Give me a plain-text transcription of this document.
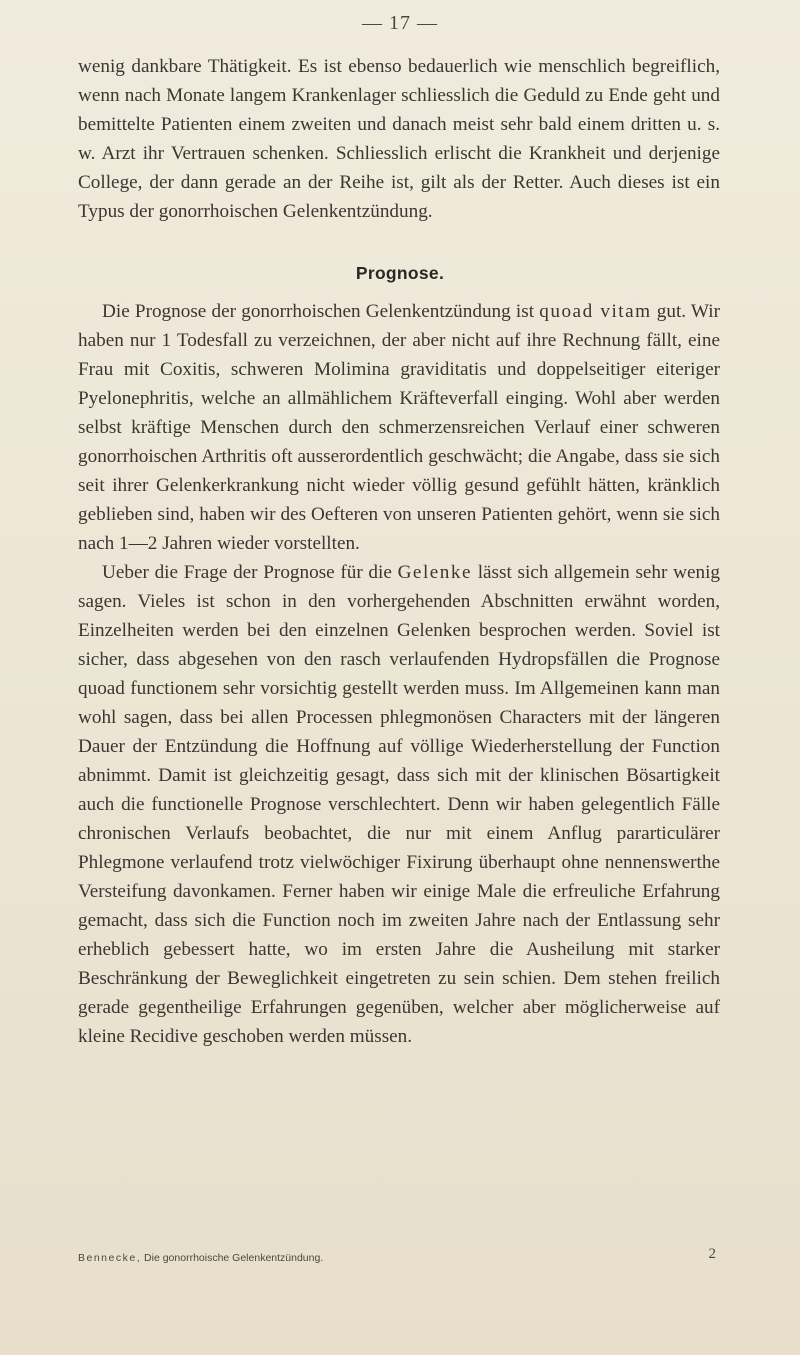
— 17 —

wenig dankbare Thätigkeit. Es ist ebenso bedauerlich wie menschlich begreiflich, wenn nach Monate langem Krankenlager schliesslich die Geduld zu Ende geht und bemittelte Patienten einem zweiten und danach meist sehr bald einem dritten u. s. w. Arzt ihr Vertrauen schenken. Schliesslich erlischt die Krankheit und derjenige College, der dann gerade an der Reihe ist, gilt als der Retter. Auch dieses ist ein Typus der gonorrhoischen Gelenkentzündung.

Prognose.

Die Prognose der gonorrhoischen Gelenkentzündung ist quoad vitam gut. Wir haben nur 1 Todesfall zu verzeichnen, der aber nicht auf ihre Rechnung fällt, eine Frau mit Coxitis, schweren Molimina graviditatis und doppelseitiger eiteriger Pyelonephritis, welche an allmählichem Kräfteverfall einging. Wohl aber werden selbst kräftige Menschen durch den schmerzensreichen Verlauf einer schweren gonorrhoischen Arthritis oft ausserordentlich geschwächt; die Angabe, dass sie sich seit ihrer Gelenkerkrankung nicht wieder völlig gesund gefühlt hätten, kränklich geblieben sind, haben wir des Oefteren von unseren Patienten gehört, wenn sie sich nach 1—2 Jahren wieder vorstellten.

Ueber die Frage der Prognose für die Gelenke lässt sich allgemein sehr wenig sagen. Vieles ist schon in den vorhergehenden Abschnitten erwähnt worden, Einzelheiten werden bei den einzelnen Gelenken besprochen werden. Soviel ist sicher, dass abgesehen von den rasch verlaufenden Hydropsfällen die Prognose quoad functionem sehr vorsichtig gestellt werden muss. Im Allgemeinen kann man wohl sagen, dass bei allen Processen phlegmonösen Characters mit der längeren Dauer der Entzündung die Hoffnung auf völlige Wiederherstellung der Function abnimmt. Damit ist gleichzeitig gesagt, dass sich mit der klinischen Bösartigkeit auch die functionelle Prognose verschlechtert. Denn wir haben gelegentlich Fälle chronischen Verlaufs beobachtet, die nur mit einem Anflug pararticulärer Phlegmone verlaufend trotz vielwöchiger Fixirung überhaupt ohne nennenswerthe Versteifung davonkamen. Ferner haben wir einige Male die erfreuliche Erfahrung gemacht, dass sich die Function noch im zweiten Jahre nach der Entlassung sehr erheblich gebessert hatte, wo im ersten Jahre die Ausheilung mit starker Beschränkung der Beweglichkeit eingetreten zu sein schien. Dem stehen freilich gerade gegentheilige Erfahrungen gegenüben, welcher aber möglicherweise auf kleine Recidive geschoben werden müssen.

Bennecke, Die gonorrhoische Gelenkentzündung.	2
